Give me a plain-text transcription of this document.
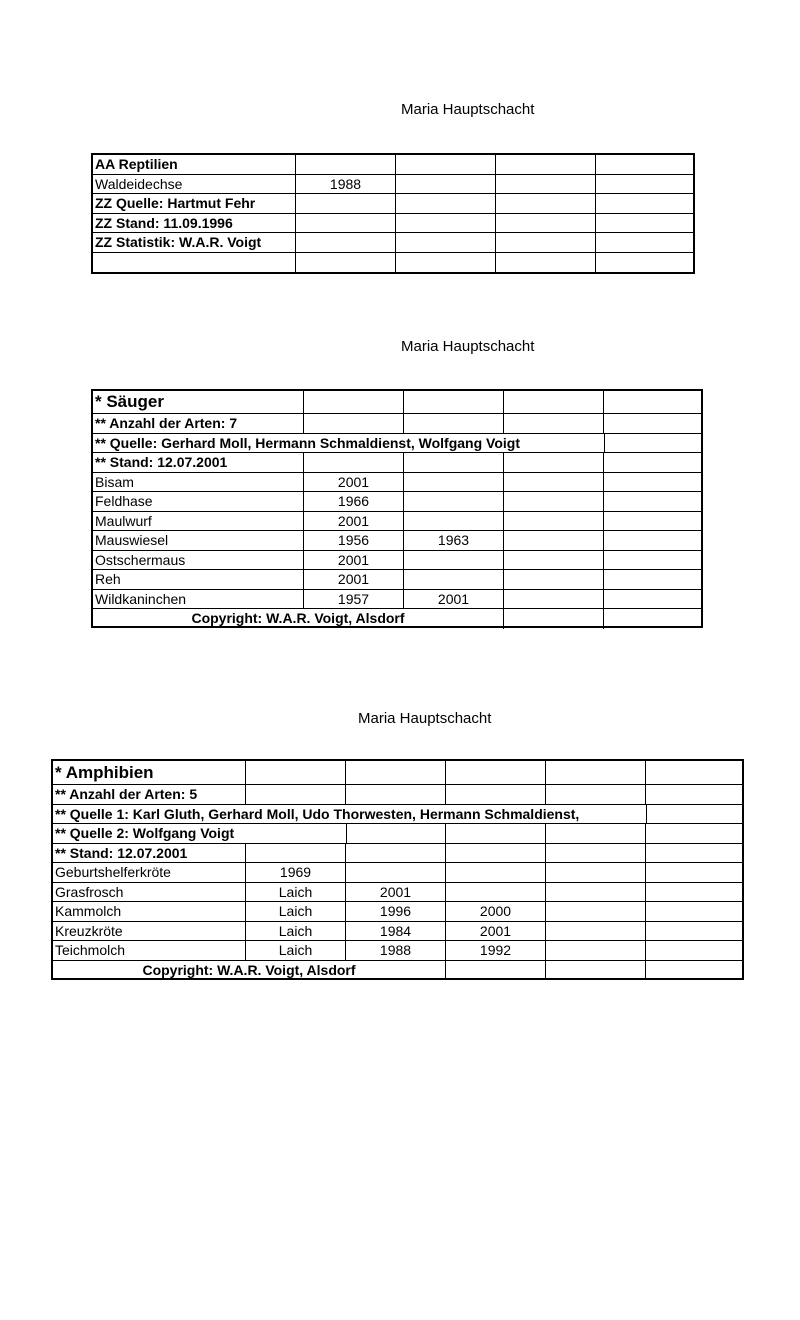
Maria Hauptschacht
AA Reptilien
Waldeidechse	1988
ZZ Quelle: Hartmut Fehr
ZZ Stand: 11.09.1996
ZZ Statistik: W.A.R. Voigt
Maria Hauptschacht
* Säuger
** Anzahl der Arten: 7
** Quelle: Gerhard Moll, Hermann Schmaldienst, Wolfgang Voigt
** Stand: 12.07.2001
Bisam	2001
Feldhase	1966
Maulwurf	2001
Mauswiesel	1956	1963
Ostschermaus	2001
Reh	2001
Wildkaninchen	1957	2001
Copyright: W.A.R. Voigt, Alsdorf
Maria Hauptschacht
* Amphibien
** Anzahl der Arten: 5
** Quelle 1: Karl Gluth, Gerhard Moll, Udo Thorwesten, Hermann Schmaldienst,
** Quelle 2: Wolfgang Voigt
** Stand: 12.07.2001
Geburtshelferkröte	1969
Grasfrosch	Laich	2001
Kammolch	Laich	1996	2000
Kreuzkröte	Laich	1984	2001
Teichmolch	Laich	1988	1992
Copyright: W.A.R. Voigt, Alsdorf
